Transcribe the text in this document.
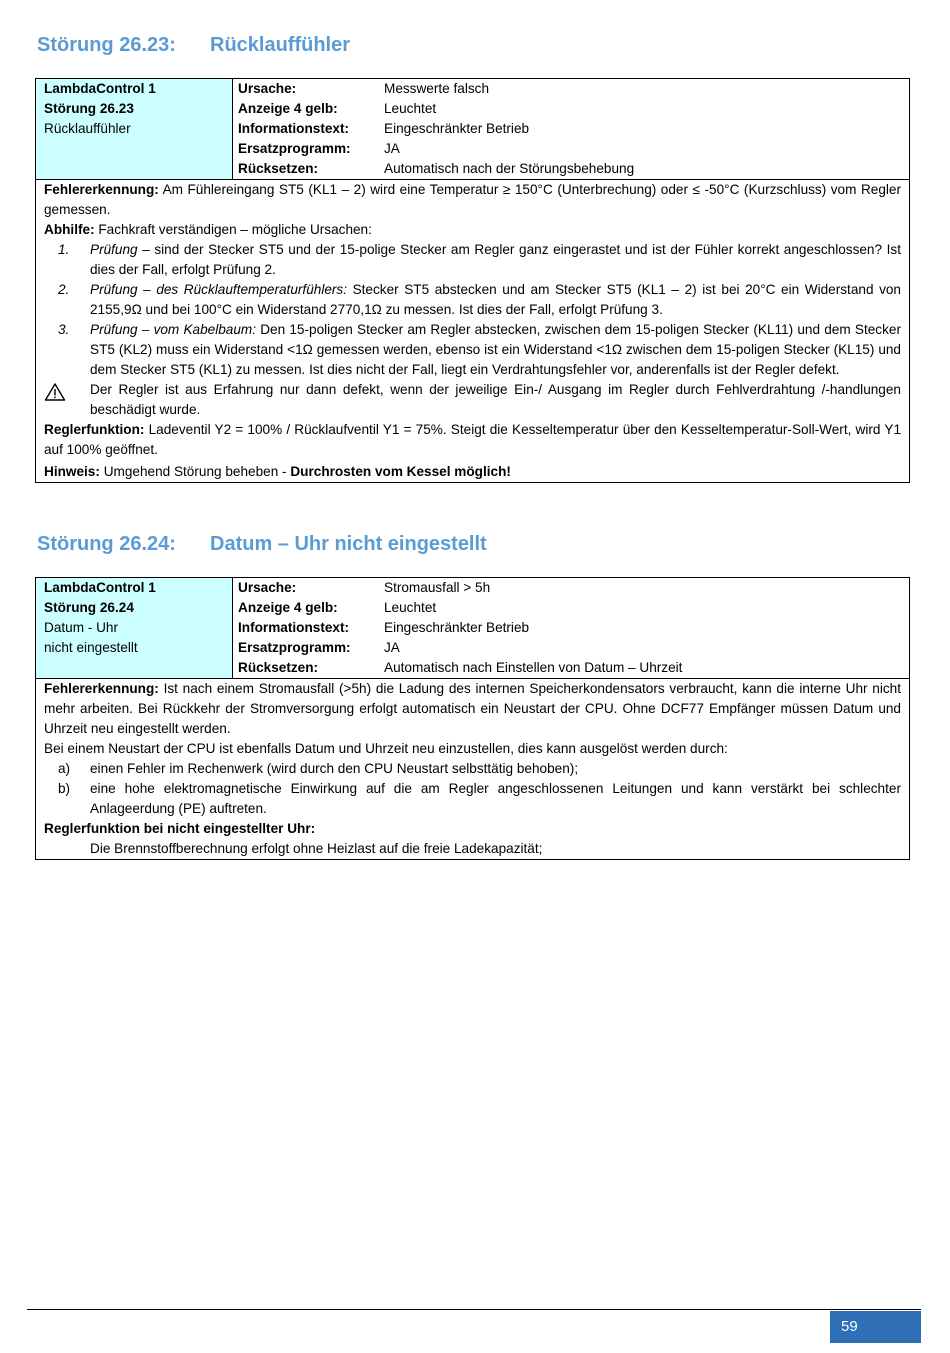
Störung 26.23:	Rücklauffühler
LambdaControl 1
Störung 26.23
Rücklauffühler
Ursache:	Messwerte falsch
Anzeige 4 gelb:	Leuchtet
Informationstext:	Eingeschränkter Betrieb
Ersatzprogramm:	JA
Rücksetzen:	Automatisch nach der Störungsbehebung
Fehlererkennung: Am Fühlereingang ST5 (KL1 – 2) wird eine Temperatur ≥ 150°C (Unterbrechung) oder ≤ -50°C (Kurzschluss) vom Regler gemessen.
Abhilfe: Fachkraft verständigen – mögliche Ursachen:
1.	Prüfung – sind der Stecker ST5 und der 15-polige Stecker am Regler ganz eingerastet und ist der Fühler korrekt angeschlossen? Ist dies der Fall, erfolgt Prüfung 2.
2.	Prüfung – des Rücklauftemperaturfühlers: Stecker ST5 abstecken und am Stecker ST5 (KL1 – 2) ist bei 20°C ein Widerstand von 2155,9Ω und bei 100°C ein Widerstand 2770,1Ω zu messen. Ist dies der Fall, erfolgt Prüfung 3.
3.	Prüfung – vom Kabelbaum: Den 15-poligen Stecker am Regler abstecken, zwischen dem 15-poligen Stecker (KL11) und dem Stecker ST5 (KL2) muss ein Widerstand <1Ω gemessen werden, ebenso ist ein Widerstand <1Ω zwischen dem 15-poligen Stecker (KL15) und dem Stecker ST5 (KL1) zu messen. Ist dies nicht der Fall, liegt ein Verdrahtungsfehler vor, anderenfalls ist der Regler defekt.
Der Regler ist aus Erfahrung nur dann defekt, wenn der jeweilige Ein-/ Ausgang im Regler durch Fehlverdrahtung /-handlungen beschädigt wurde.
Reglerfunktion: Ladeventil Y2 = 100% / Rücklaufventil Y1 = 75%. Steigt die Kesseltemperatur über den Kesseltemperatur-Soll-Wert, wird Y1 auf 100% geöffnet.
Hinweis: Umgehend Störung beheben - Durchrosten vom Kessel möglich!
Störung 26.24:	Datum – Uhr nicht eingestellt
LambdaControl 1
Störung 26.24
Datum - Uhr
nicht eingestellt
Ursache:	Stromausfall > 5h
Anzeige 4 gelb:	Leuchtet
Informationstext:	Eingeschränkter Betrieb
Ersatzprogramm:	JA
Rücksetzen:	Automatisch nach Einstellen von Datum – Uhrzeit
Fehlererkennung: Ist nach einem Stromausfall (>5h) die Ladung des internen Speicherkondensators verbraucht, kann die interne Uhr nicht mehr arbeiten. Bei Rückkehr der Stromversorgung erfolgt automatisch ein Neustart der CPU. Ohne DCF77 Empfänger müssen Datum und Uhrzeit neu eingestellt werden.
Bei einem Neustart der CPU ist ebenfalls Datum und Uhrzeit neu einzustellen, dies kann ausgelöst werden durch:
a)	einen Fehler im Rechenwerk (wird durch den CPU Neustart selbsttätig behoben);
b)	eine hohe elektromagnetische Einwirkung auf die am Regler angeschlossenen Leitungen und kann verstärkt bei schlechter Anlageerdung (PE) auftreten.
Reglerfunktion bei nicht eingestellter Uhr:
Die Brennstoffberechnung erfolgt ohne Heizlast auf die freie Ladekapazität;
59
